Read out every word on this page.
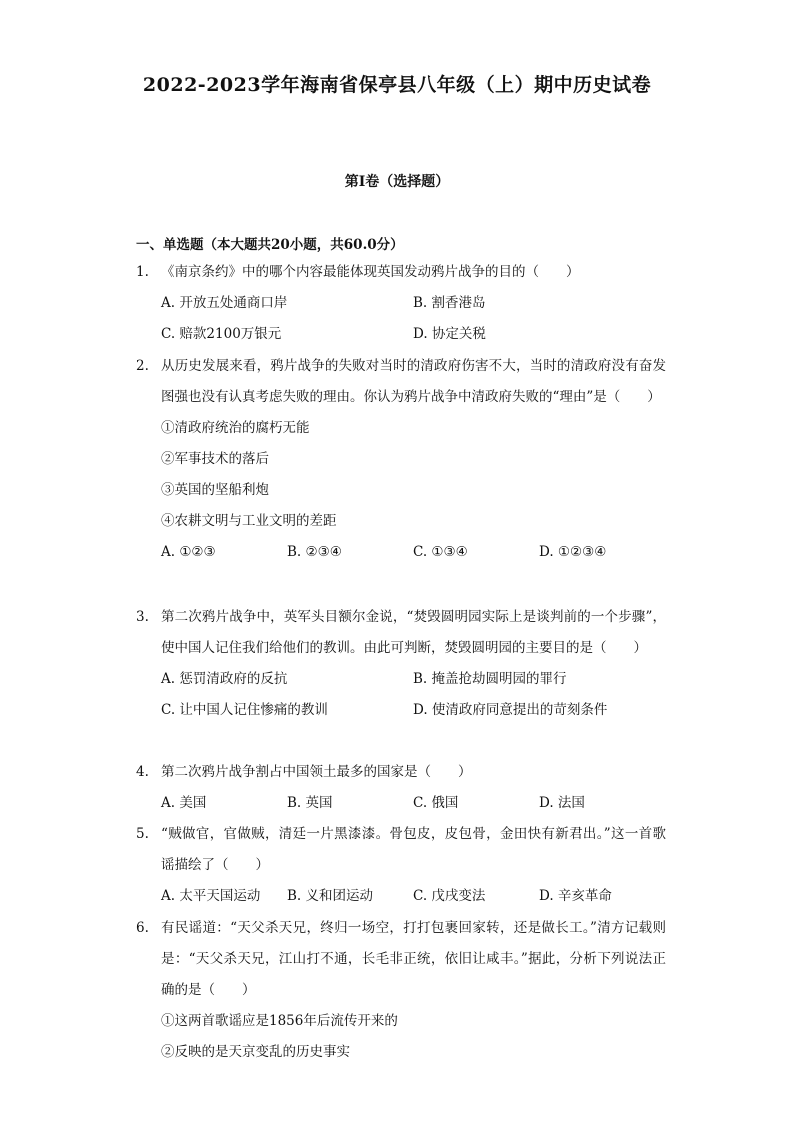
2022-2023学年海南省保亭县八年级（上）期中历史试卷
第I卷（选择题）
一、单选题（本大题共20小题，共60.0分）
1. 《南京条约》中的哪个内容最能体现英国发动鸦片战争的目的（　　）
A. 开放五处通商口岸	B. 割香港岛
C. 赔款2100万银元	D. 协定关税
2. 从历史发展来看，鸦片战争的失败对当时的清政府伤害不大，当时的清政府没有奋发图强也没有认真考虑失败的理由。你认为鸦片战争中清政府失败的“理由”是（　　）
①清政府统治的腐朽无能
②军事技术的落后
③英国的坚船利炮
④农耕文明与工业文明的差距
A. ①②③	B. ②③④	C. ①③④	D. ①②③④
3. 第二次鸦片战争中，英军头目额尔金说，“焚毁圆明园实际上是谈判前的一个步骤”，使中国人记住我们给他们的教训。由此可判断，焚毁圆明园的主要目的是（　　）
A. 惩罚清政府的反抗	B. 掩盖抢劫圆明园的罪行
C. 让中国人记住惨痛的教训	D. 使清政府同意提出的苛刻条件
4. 第二次鸦片战争割占中国领土最多的国家是（　　）
A. 美国	B. 英国	C. 俄国	D. 法国
5. “贼做官，官做贼，清廷一片黑漆漆。骨包皮，皮包骨，金田快有新君出。”这一首歌谣描绘了（　　）
A. 太平天国运动 B. 义和团运动	C. 戊戌变法	D. 辛亥革命
6. 有民谣道：“天父杀天兄，终归一场空，打打包裹回家转，还是做长工。”清方记载则是：“天父杀天兄，江山打不通，长毛非正统，依旧让咸丰。”据此，分析下列说法正确的是（　　）
①这两首歌谣应是1856年后流传开来的
②反映的是天京变乱的历史事实
